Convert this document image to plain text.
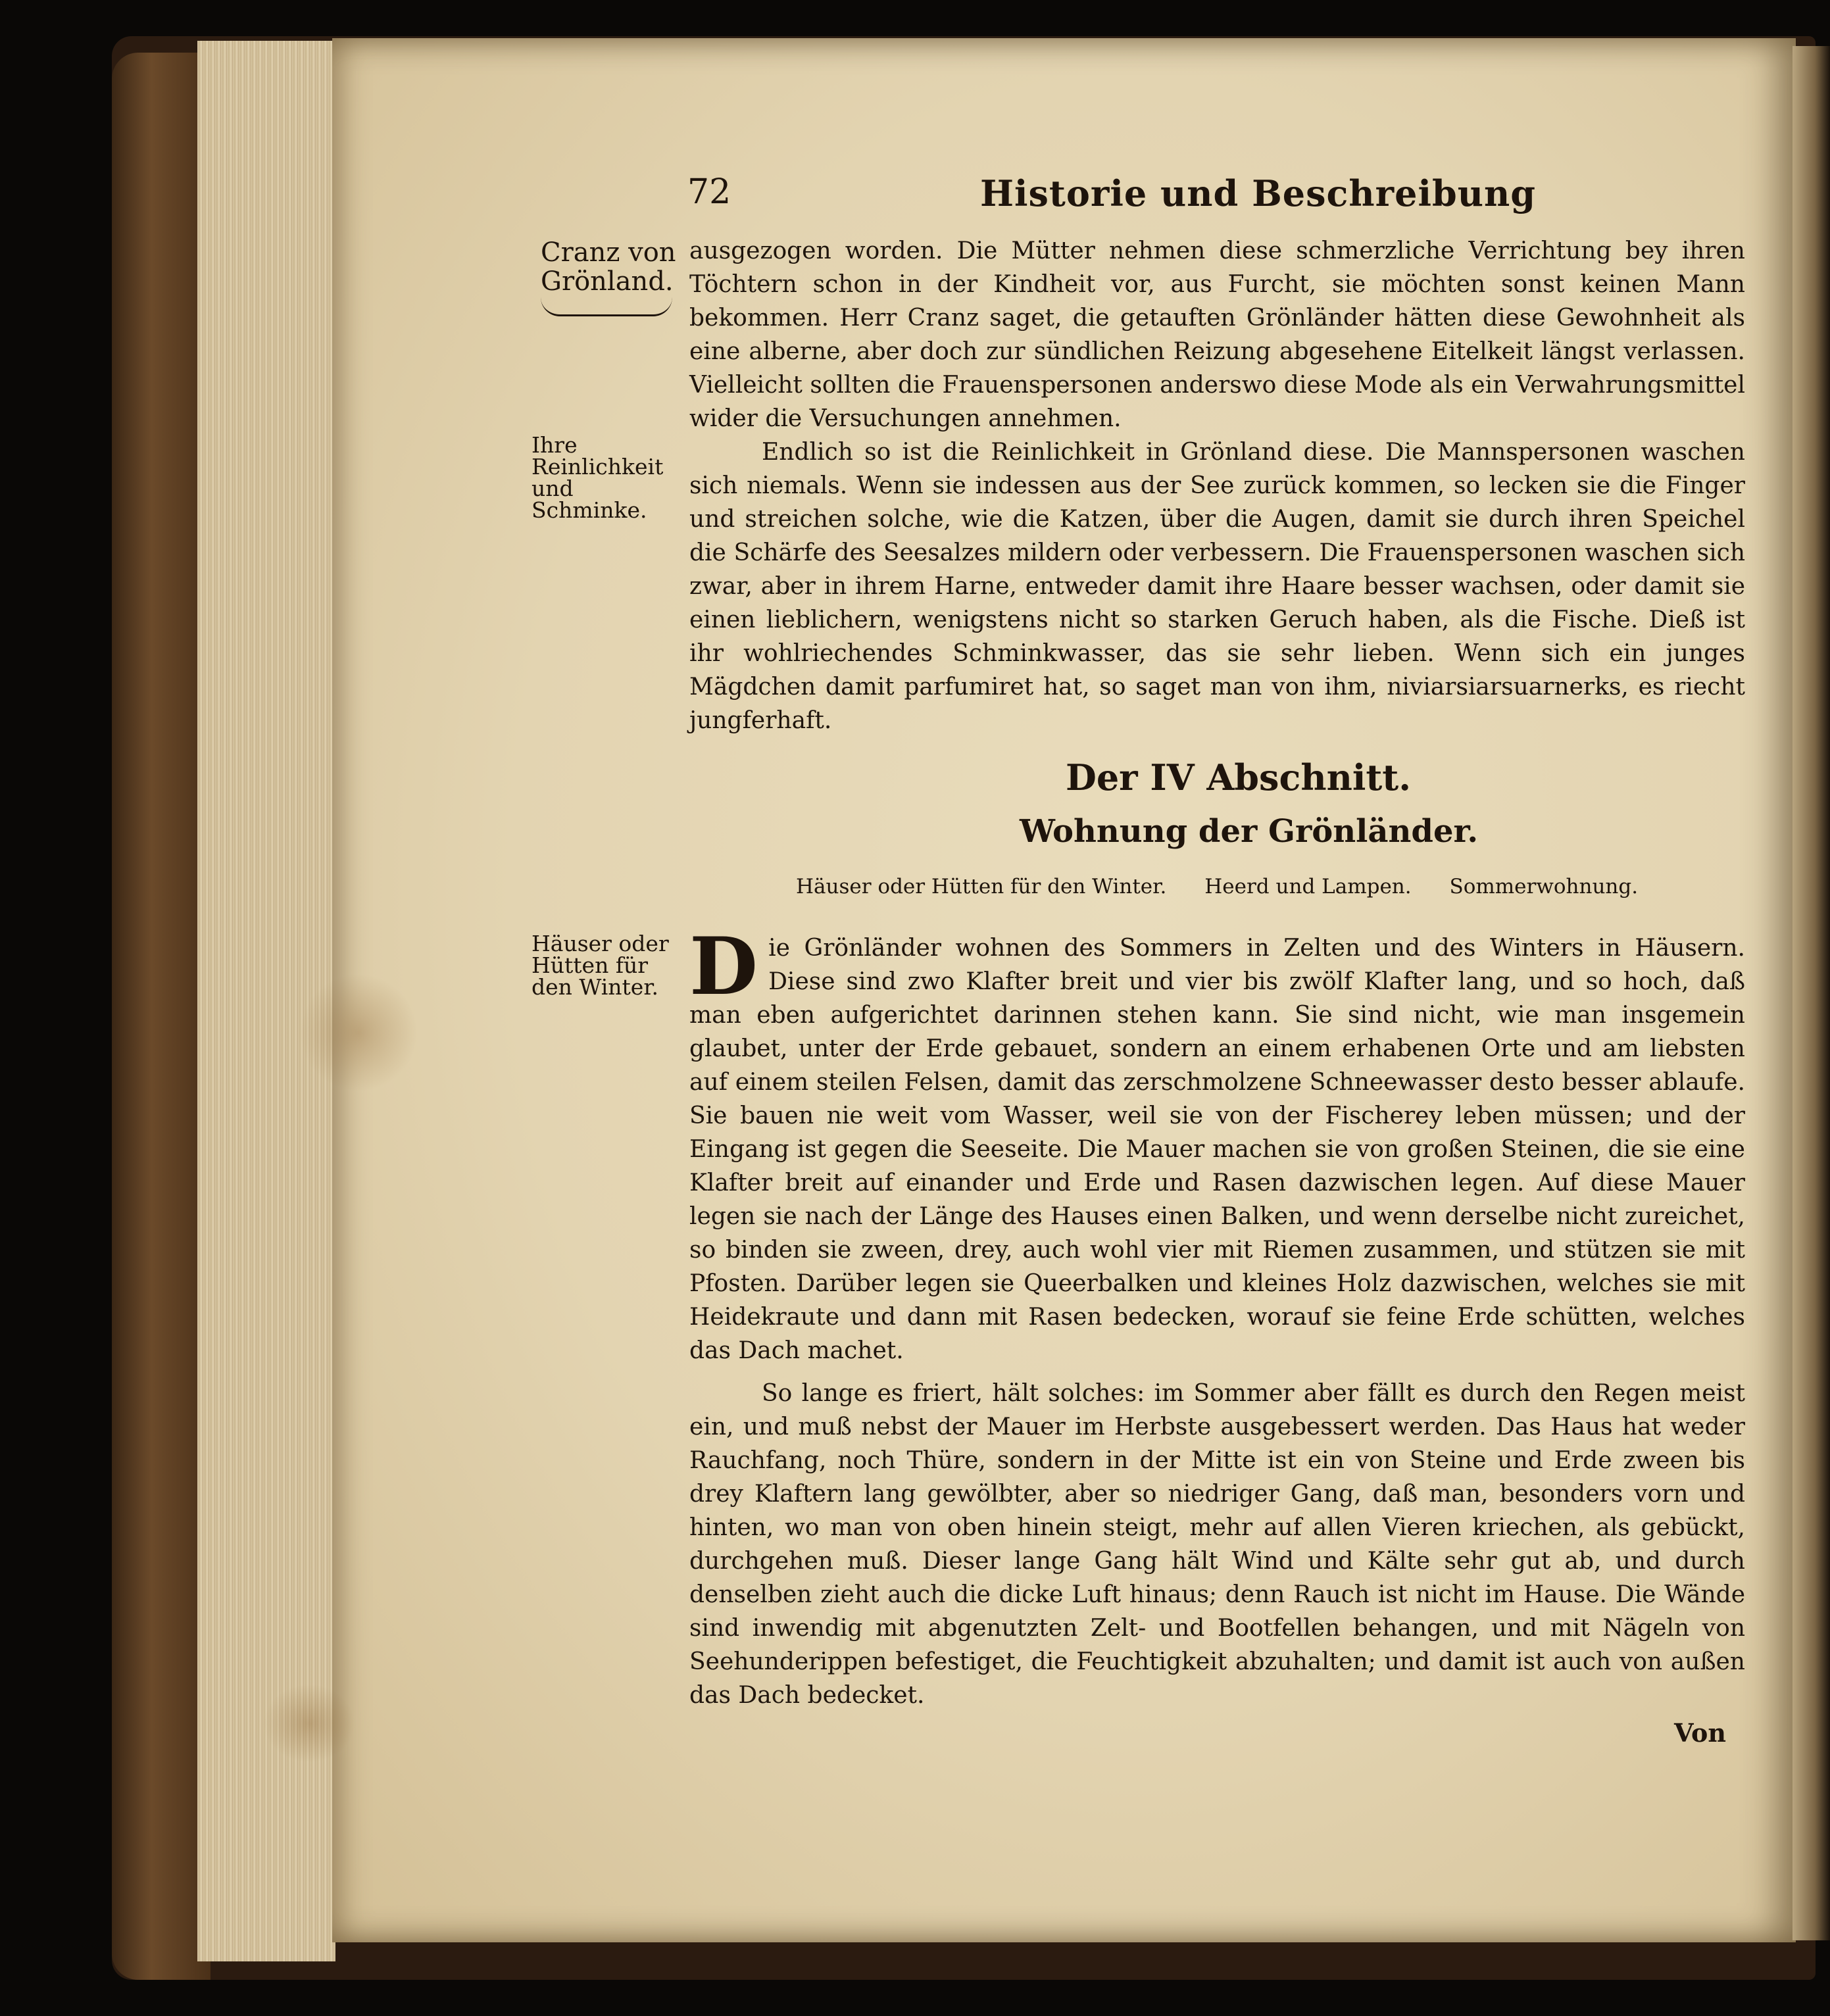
72	Historie und Beschreibung
Cranz von
Grönland.
Ihre Reinlichkeit und Schminke.
Häuser oder Hütten für den Winter.
ausgezogen worden. Die Mütter nehmen diese schmerzliche Verrichtung bey ihren Töchtern schon in der Kindheit vor, aus Furcht, sie möchten sonst keinen Mann bekommen. Herr Cranz saget, die getauften Grönländer hätten diese Gewohnheit als eine alberne, aber doch zur sündlichen Reizung abgesehene Eitelkeit längst verlassen. Vielleicht sollten die Frauenspersonen anderswo diese Mode als ein Verwahrungsmittel wider die Versuchungen annehmen.
Endlich so ist die Reinlichkeit in Grönland diese. Die Mannspersonen waschen sich niemals. Wenn sie indessen aus der See zurück kommen, so lecken sie die Finger und streichen solche, wie die Katzen, über die Augen, damit sie durch ihren Speichel die Schärfe des Seesalzes mildern oder verbessern. Die Frauenspersonen waschen sich zwar, aber in ihrem Harne, entweder damit ihre Haare besser wachsen, oder damit sie einen lieblichern, wenigstens nicht so starken Geruch haben, als die Fische. Dieß ist ihr wohlriechendes Schminkwasser, das sie sehr lieben. Wenn sich ein junges Mägdchen damit parfumiret hat, so saget man von ihm, niviarsiarsuarnerks, es riecht jungferhaft.
Der IV Abschnitt.
Wohnung der Grönländer.
Häuser oder Hütten für den Winter. Heerd und Lampen. Sommerwohnung.
D ie Grönländer wohnen des Sommers in Zelten und des Winters in Häusern. Diese sind zwo Klafter breit und vier bis zwölf Klafter lang, und so hoch, daß man eben aufgerichtet darinnen stehen kann. Sie sind nicht, wie man insgemein glaubet, unter der Erde gebauet, sondern an einem erhabenen Orte und am liebsten auf einem steilen Felsen, damit das zerschmolzene Schneewasser desto besser ablaufe. Sie bauen nie weit vom Wasser, weil sie von der Fischerey leben müssen; und der Eingang ist gegen die Seeseite. Die Mauer machen sie von großen Steinen, die sie eine Klafter breit auf einander und Erde und Rasen dazwischen legen. Auf diese Mauer legen sie nach der Länge des Hauses einen Balken, und wenn derselbe nicht zureichet, so binden sie zween, drey, auch wohl vier mit Riemen zusammen, und stützen sie mit Pfosten. Darüber legen sie Queerbalken und kleines Holz dazwischen, welches sie mit Heidekraute und dann mit Rasen bedecken, worauf sie feine Erde schütten, welches das Dach machet.
So lange es friert, hält solches: im Sommer aber fällt es durch den Regen meist ein, und muß nebst der Mauer im Herbste ausgebessert werden. Das Haus hat weder Rauchfang, noch Thüre, sondern in der Mitte ist ein von Steine und Erde zween bis drey Klaftern lang gewölbter, aber so niedriger Gang, daß man, besonders vorn und hinten, wo man von oben hinein steigt, mehr auf allen Vieren kriechen, als gebückt, durchgehen muß. Dieser lange Gang hält Wind und Kälte sehr gut ab, und durch denselben zieht auch die dicke Luft hinaus; denn Rauch ist nicht im Hause. Die Wände sind inwendig mit abgenutzten Zelt- und Bootfellen behangen, und mit Nägeln von Seehunderippen befestiget, die Feuchtigkeit abzuhalten; und damit ist auch von außen das Dach bedecket.
Von
